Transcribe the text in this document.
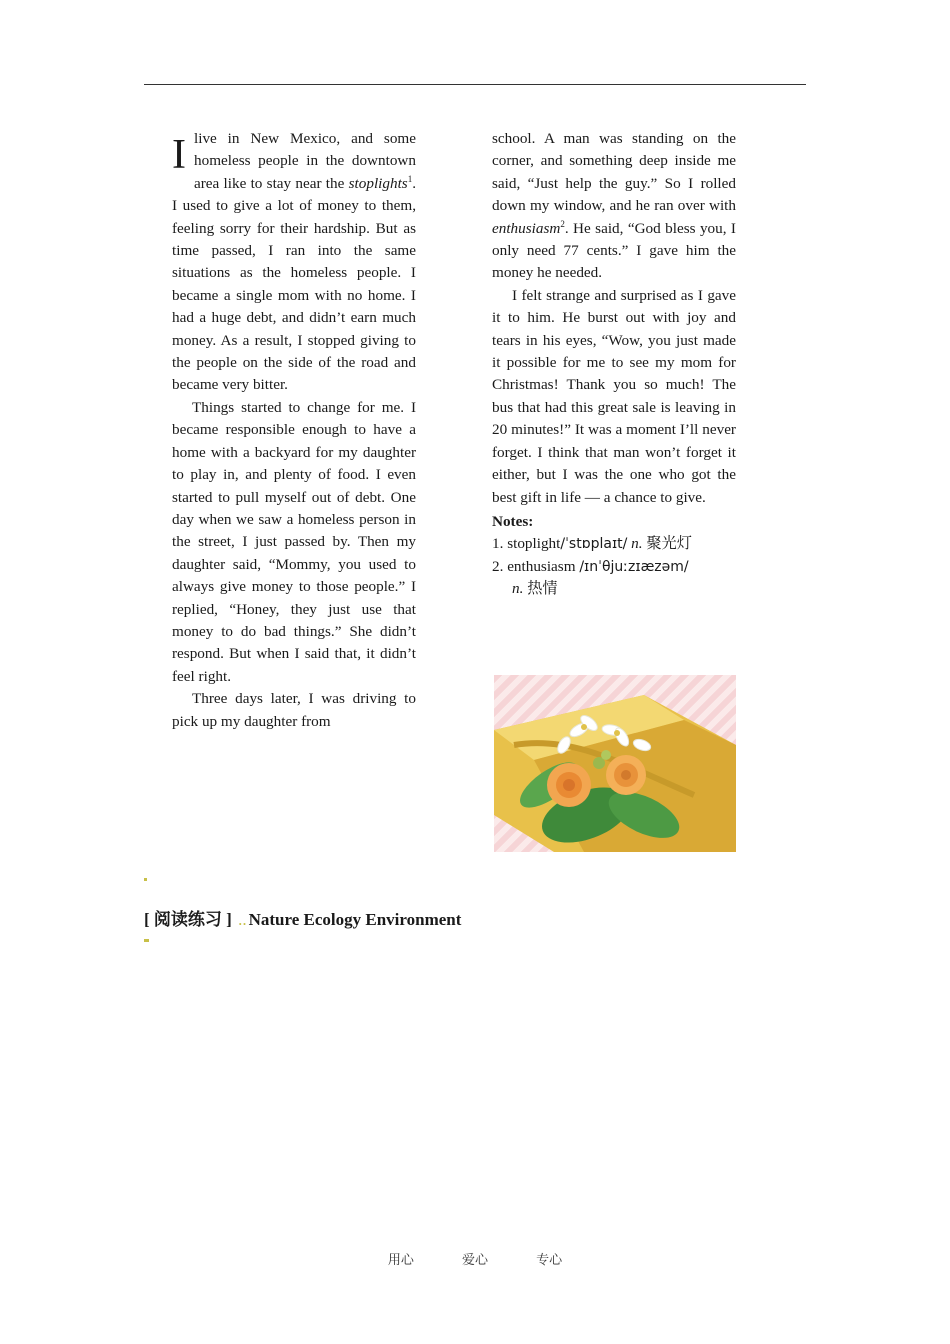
Ilive in New Mexico, and some homeless people in the downtown area like to stay near the stoplights$^1$. I used to give a lot of money to them, feeling sorry for their hardship. But as time passed, I ran into the same situations as the homeless people. I became a single mom with no home. I had a huge debt, and didn’t earn much money. As a result, I stopped giving to the people on the side of the road and became very bitter.

Things started to change for me. I became responsible enough to have a home with a backyard for my daughter to play in, and plenty of food. I even started to pull myself out of debt. One day when we saw a homeless person in the street, I just passed by. Then my daughter said, “Mommy, you used to always give money to those people.” I replied, “Honey, they just use that money to do bad things.” She didn’t respond. But when I said that, it didn’t feel right.

Three days later, I was driving to pick up my daughter from

school. A man was standing on the corner, and something deep inside me said, “Just help the guy.” So I rolled down my window, and he ran over with enthusiasm$^2$. He said, “God bless you, I only need 77 cents.” I gave him the money he needed.

I felt strange and surprised as I gave it to him. He burst out with joy and tears in his eyes, “Wow, you just made it possible for me to see my mom for Christmas! Thank you so much! The bus that had this great sale is leaving in 20 minutes!” It was a moment I’ll never forget. I think that man won’t forget it either, but I was the one who got the best gift in life — a chance to give.

Notes:

1. stoplight/ˈstɒplaɪt/ n. 聚光灯

2. enthusiasm /ɪnˈθjuːzɪæzəm/
n. 热情

[ 阅读练习 ] .. Nature Ecology Environment
用心	爱心	专心
